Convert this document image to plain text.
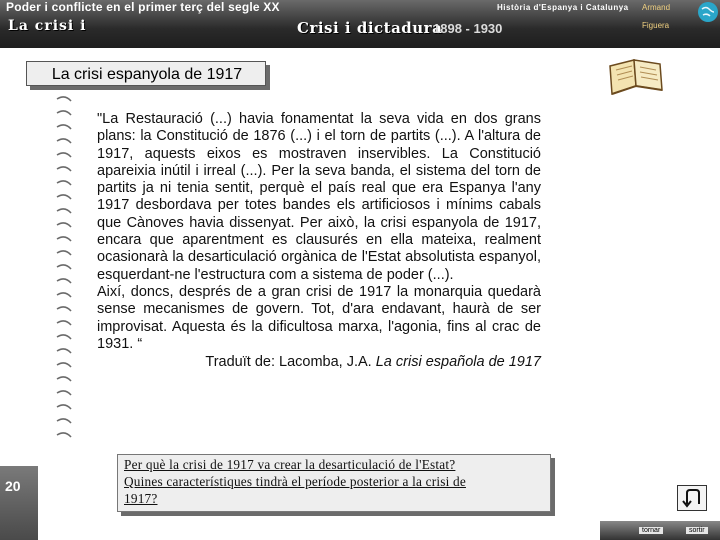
Poder i conflicte en el primer terç del segle XX
La crisi i	Crisi i dictadura
1898 - 1930
Història d'Espanya i Catalunya Armand
Figuera
La crisi espanyola de 1917

"La Restauració (...) havia fonamentat la seva vida en dos grans plans: la Constitució de 1876 (...) i el torn de partits (...). A l'altura de 1917, aquests eixos es mostraven inservibles. La Constitució apareixia inútil i irreal (...). Per la seva banda, el sistema del torn de partits ja ni tenia sentit, perquè el país real que era Espanya l'any 1917 desbordava per totes bandes els artificiosos i mínims cabals que Cànoves havia dissenyat. Per això, la crisi espanyola de 1917, encara que aparentment es clausurés en ella mateixa, realment ocasionarà la desarticulació orgànica de l'Estat absolutista espanyol, esquerdant-ne l'estructura com a sistema de poder (...).

Així, doncs, després de a gran crisi de 1917 la monarquia quedarà sense mecanismes de govern. Tot, d'ara endavant, haurà de ser improvisat. Aquesta és la dificultosa marxa, l'agonia, fins al crac de 1931. “

Traduït de: Lacomba, J.A. La crisi española de 1917
20
Per què la crisi de 1917 va crear la desarticulació de l'Estat?
Quines característiques tindrà el període posterior a la crisi de
1917?
tornar	sortir
